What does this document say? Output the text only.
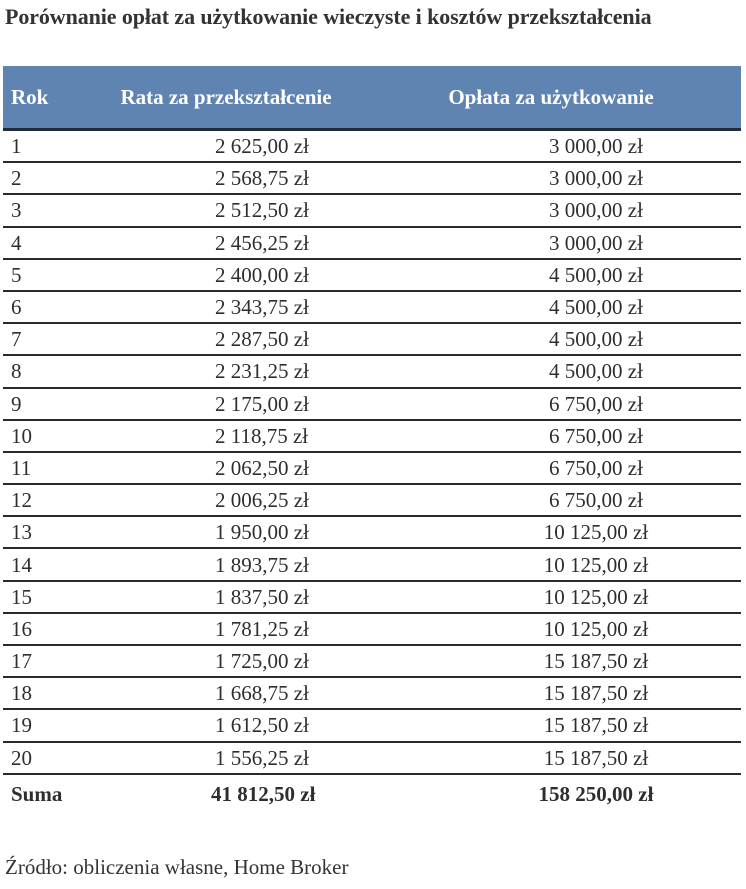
Porównanie opłat za użytkowanie wieczyste i kosztów przekształcenia
Rok	Rata za przekształcenie	Opłata za użytkowanie
1	2 625,00 zł	3 000,00 zł
2	2 568,75 zł	3 000,00 zł
3	2 512,50 zł	3 000,00 zł
4	2 456,25 zł	3 000,00 zł
5	2 400,00 zł	4 500,00 zł
6	2 343,75 zł	4 500,00 zł
7	2 287,50 zł	4 500,00 zł
8	2 231,25 zł	4 500,00 zł
9	2 175,00 zł	6 750,00 zł
10	2 118,75 zł	6 750,00 zł
11	2 062,50 zł	6 750,00 zł
12	2 006,25 zł	6 750,00 zł
13	1 950,00 zł	10 125,00 zł
14	1 893,75 zł	10 125,00 zł
15	1 837,50 zł	10 125,00 zł
16	1 781,25 zł	10 125,00 zł
17	1 725,00 zł	15 187,50 zł
18	1 668,75 zł	15 187,50 zł
19	1 612,50 zł	15 187,50 zł
20	1 556,25 zł	15 187,50 zł
Suma	41 812,50 zł	158 250,00 zł
Źródło: obliczenia własne, Home Broker
